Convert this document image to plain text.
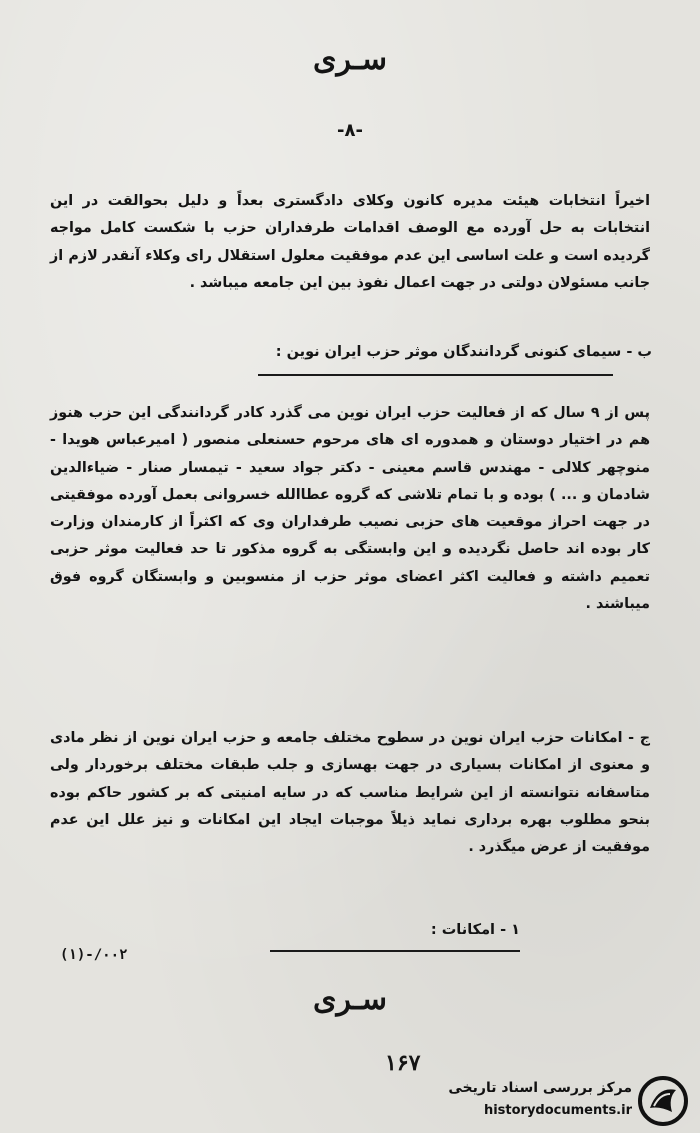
سـری
-۸-
اخیراً انتخابات هیئت مدیره کانون وکلای دادگستری بعداً و دلیل بحوالقت در این انتخابات به حل آورده مع الوصف اقدامات طرفداران حزب با شکست کامل مواجه گردیده است و علت اساسی این عدم موفقیت معلول استقلال رای وکلاء آنقدر لازم از جانب مسئولان دولتی در جهت اعمال نفوذ بین این جامعه میباشد .
ب - سیمای کنونی گردانندگان موثر حزب ایران نوین :
پس از ۹ سال که از فعالیت حزب ایران نوین می گذرد کادر گردانندگی این حزب هنوز هم در اختیار دوستان و همدوره ای های مرحوم حسنعلی منصور ( امیرعباس هویدا - منوچهر کلالی - مهندس قاسم معینی - دکتر جواد سعید - تیمسار صنار - ضیاءالدین شادمان و ... ) بوده و با تمام تلاشی که گروه عطاالله خسروانی بعمل آورده موفقیتی در جهت احراز موقعیت های حزبی نصیب طرفداران وی که اکثراً از کارمندان وزارت کار بوده اند حاصل نگردیده و این وابستگی به گروه مذکور تا حد فعالیت موثر حزبی تعمیم داشته و فعالیت اکثر اعضای موثر حزب از منسوبین و وابستگان گروه فوق میباشند .
ج - امکانات حزب ایران نوین در سطوح مختلف جامعه و حزب ایران نوین از نظر مادی و معنوی از امکانات بسیاری در جهت بهسازی و جلب طبقات مختلف برخوردار ولی متاسفانه نتوانسته از این شرایط مناسب که در سایه امنیتی که بر کشور حاکم بوده بنحو مطلوب بهره برداری نماید ذیلاً موجبات ایجاد این امکانات و نیز علل این عدم موفقیت از عرض میگذرد .
۱ - امکانات :
(۱)-/۰۰۲
سـری
۱۶۷
مرکز بررسی اسناد تاریخی
historydocuments.ir
